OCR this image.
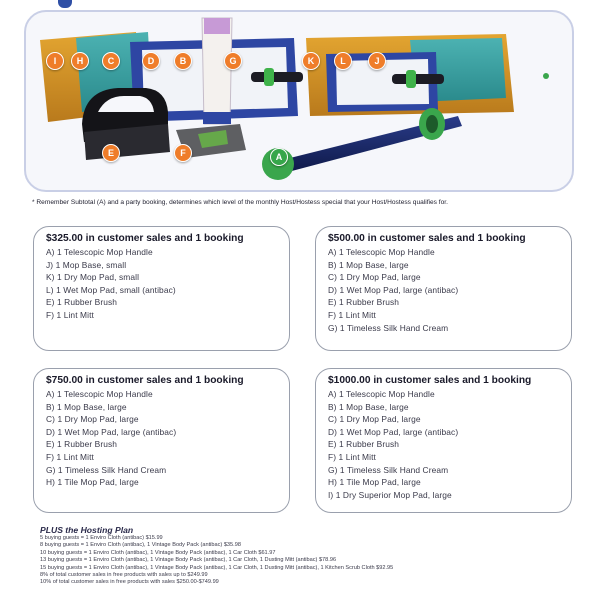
I H	C	D	B	G	K	L	J
E	F	A
* Remember Subtotal (A) and a party booking, determines which level of the monthly Host/Hostess special that your Host/Hostess qualifies for.
$325.00 in customer sales and 1 booking
A) 1 Telescopic Mop Handle
J) 1 Mop Base, small
K) 1 Dry Mop Pad, small
L) 1 Wet Mop Pad, small (antibac)
E) 1 Rubber Brush
F) 1 Lint Mitt
$500.00 in customer sales and 1 booking
A) 1 Telescopic Mop Handle
B) 1 Mop Base, large
C) 1 Dry Mop Pad, large
D) 1 Wet Mop Pad, large (antibac)
E) 1 Rubber Brush
F) 1 Lint Mitt
G) 1 Timeless Silk Hand Cream
$750.00 in customer sales and 1 booking
A) 1 Telescopic Mop Handle
B) 1 Mop Base, large
C) 1 Dry Mop Pad, large
D) 1 Wet Mop Pad, large (antibac)
E) 1 Rubber Brush
F) 1 Lint Mitt
G) 1 Timeless Silk Hand Cream
H) 1 Tile Mop Pad, large
$1000.00 in customer sales and 1 booking
A) 1 Telescopic Mop Handle
B) 1 Mop Base, large
C) 1 Dry Mop Pad, large
D) 1 Wet Mop Pad, large (antibac)
E) 1 Rubber Brush
F) 1 Lint Mitt
G) 1 Timeless Silk Hand Cream
H) 1 Tile Mop Pad, large
I) 1 Dry Superior Mop Pad, large
PLUS the Hosting Plan
5 buying guests = 1 Enviro Cloth (antibac) $15.99
8 buying guests = 1 Enviro Cloth (antibac), 1 Vintage Body Pack (antibac) $35.98
10 buying guests = 1 Enviro Cloth (antibac), 1 Vintage Body Pack (antibac), 1 Car Cloth $61.97
13 buying guests = 1 Enviro Cloth (antibac), 1 Vintage Body Pack (antibac), 1 Car Cloth, 1 Dusting Mitt (antibac) $78.96
15 buying guests = 1 Enviro Cloth (antibac), 1 Vintage Body Pack (antibac), 1 Car Cloth, 1 Dusting Mitt (antibac), 1 Kitchen Scrub Cloth $92.95
8% of total customer sales in free products with sales up to $249.99
10% of total customer sales in free products with sales $250.00-$749.99
